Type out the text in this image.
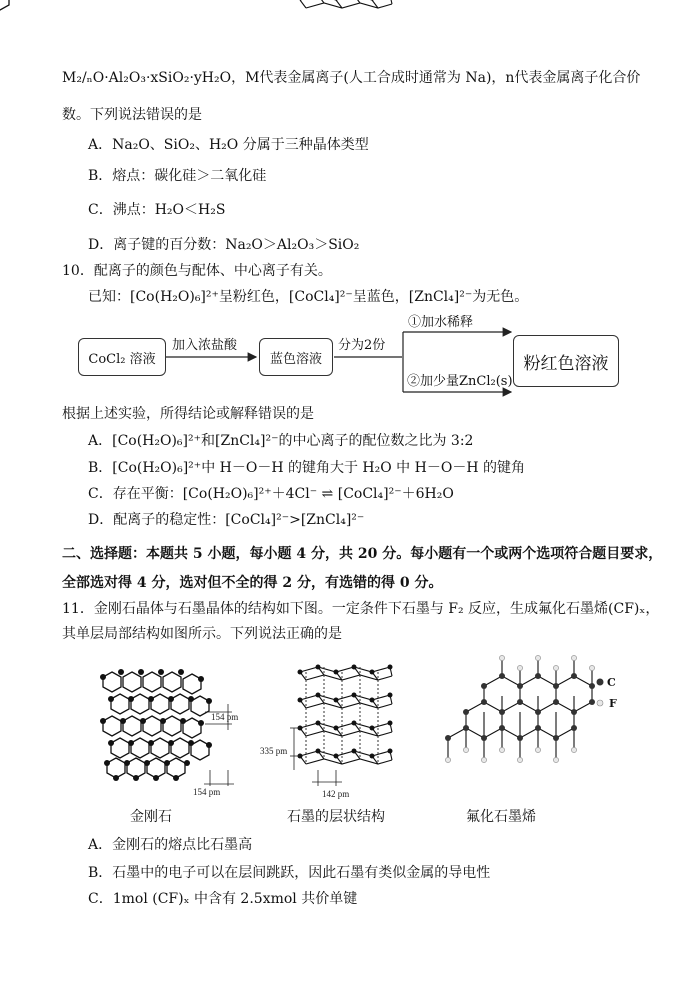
M₂/ₙO·Al₂O₃·xSiO₂·yH₂O，M代表金属离子(人工合成时通常为 Na)，n代表金属离子化合价
数。下列说法错误的是
A．Na₂O、SiO₂、H₂O 分属于三种晶体类型
B．熔点：碳化硅＞二氧化硅
C．沸点：H₂O＜H₂S
D．离子键的百分数：Na₂O＞Al₂O₃＞SiO₂
10．配离子的颜色与配体、中心离子有关。
已知：[Co(H₂O)₆]²⁺呈粉红色，[CoCl₄]²⁻呈蓝色，[ZnCl₄]²⁻为无色。
CoCl₂ 溶液
加入浓盐酸
蓝色溶液
分为2份
①加水稀释
②加少量ZnCl₂(s)
粉红色溶液
根据上述实验，所得结论或解释错误的是
A．[Co(H₂O)₆]²⁺和[ZnCl₄]²⁻的中心离子的配位数之比为 3:2
B．[Co(H₂O)₆]²⁺中 H－O－H 的键角大于 H₂O 中 H－O－H 的键角
C．存在平衡：[Co(H₂O)₆]²⁺＋4Cl⁻ ⇌ [CoCl₄]²⁻＋6H₂O
D．配离子的稳定性：[CoCl₄]²⁻>[ZnCl₄]²⁻
二、选择题：本题共 5 小题，每小题 4 分，共 20 分。每小题有一个或两个选项符合题目要求，
全部选对得 4 分，选对但不全的得 2 分，有选错的得 0 分。
11．金刚石晶体与石墨晶体的结构如下图。一定条件下石墨与 F₂ 反应，生成氟化石墨烯(CF)ₓ，
其单层局部结构如图所示。下列说法正确的是
154 pm
154 pm
335 pm
142 pm
C
F
金刚石	石墨的层状结构	氟化石墨烯
A．金刚石的熔点比石墨高
B．石墨中的电子可以在层间跳跃，因此石墨有类似金属的导电性
C．1mol (CF)ₓ 中含有 2.5xmol 共价单键
